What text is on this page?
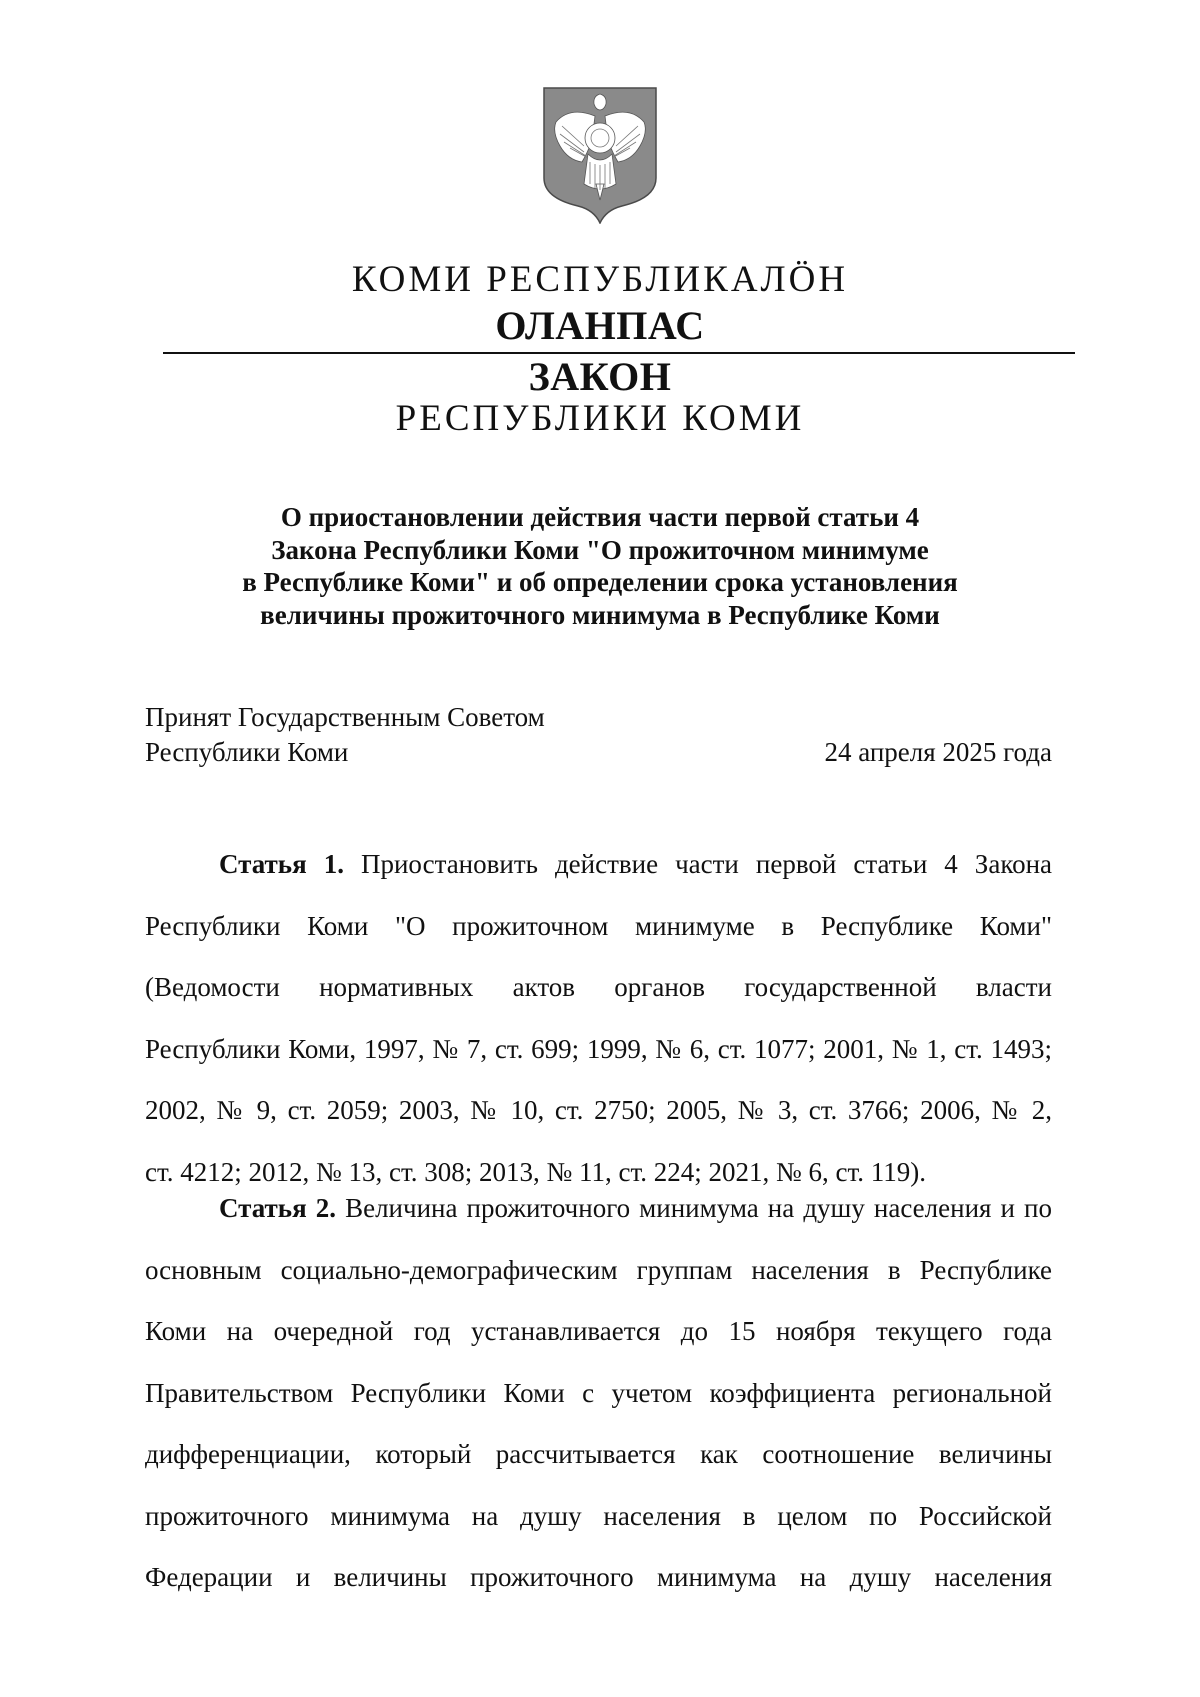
КОМИ РЕСПУБЛИКАЛӦН
ОЛАНПАС
ЗАКОН
РЕСПУБЛИКИ КОМИ
О приостановлении действия части первой статьи 4
Закона Республики Коми "О прожиточном минимуме
в Республике Коми" и об определении срока установления
величины прожиточного минимума в Республике Коми
Принят Государственным Советом
Республики Коми	24 апреля 2025 года
Статья 1. Приостановить действие части первой статьи 4 Закона
Республики Коми "О прожиточном минимуме в Республике Коми"
(Ведомости нормативных актов органов государственной власти
Республики Коми, 1997, № 7, ст. 699; 1999, № 6, ст. 1077; 2001, № 1, ст. 1493;
2002, № 9, ст. 2059; 2003, № 10, ст. 2750; 2005, № 3, ст. 3766; 2006, № 2,
ст. 4212; 2012, № 13, ст. 308; 2013, № 11, ст. 224; 2021, № 6, ст. 119).
Статья 2. Величина прожиточного минимума на душу населения и по
основным социально-демографическим группам населения в Республике
Коми на очередной год устанавливается до 15 ноября текущего года
Правительством Республики Коми с учетом коэффициента региональной
дифференциации, который рассчитывается как соотношение величины
прожиточного минимума на душу населения в целом по Российской
Федерации и величины прожиточного минимума на душу населения
